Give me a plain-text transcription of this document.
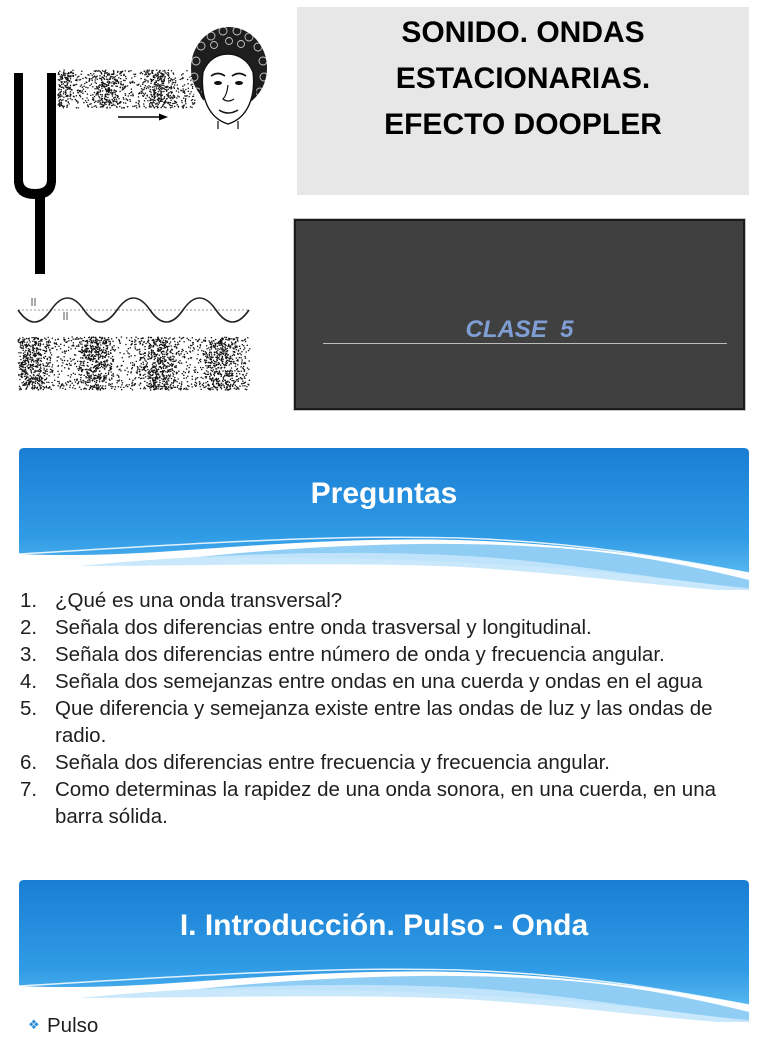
SONIDO. ONDAS
ESTACIONARIAS.
EFECTO DOOPLER
CLASE  5
Preguntas
1. ¿Qué es una onda transversal?
2. Señala dos diferencias entre onda trasversal y longitudinal.
3. Señala dos diferencias entre número de onda y frecuencia angular.
4. Señala dos semejanzas entre ondas en una cuerda y ondas en el agua
5. Que diferencia y semejanza existe entre las ondas de luz y las ondas de radio.
6. Señala dos diferencias entre frecuencia y frecuencia angular.
7. Como determinas la rapidez de una onda sonora, en una cuerda, en una barra sólida.
I. Introducción. Pulso - Onda
❖
Pulso
